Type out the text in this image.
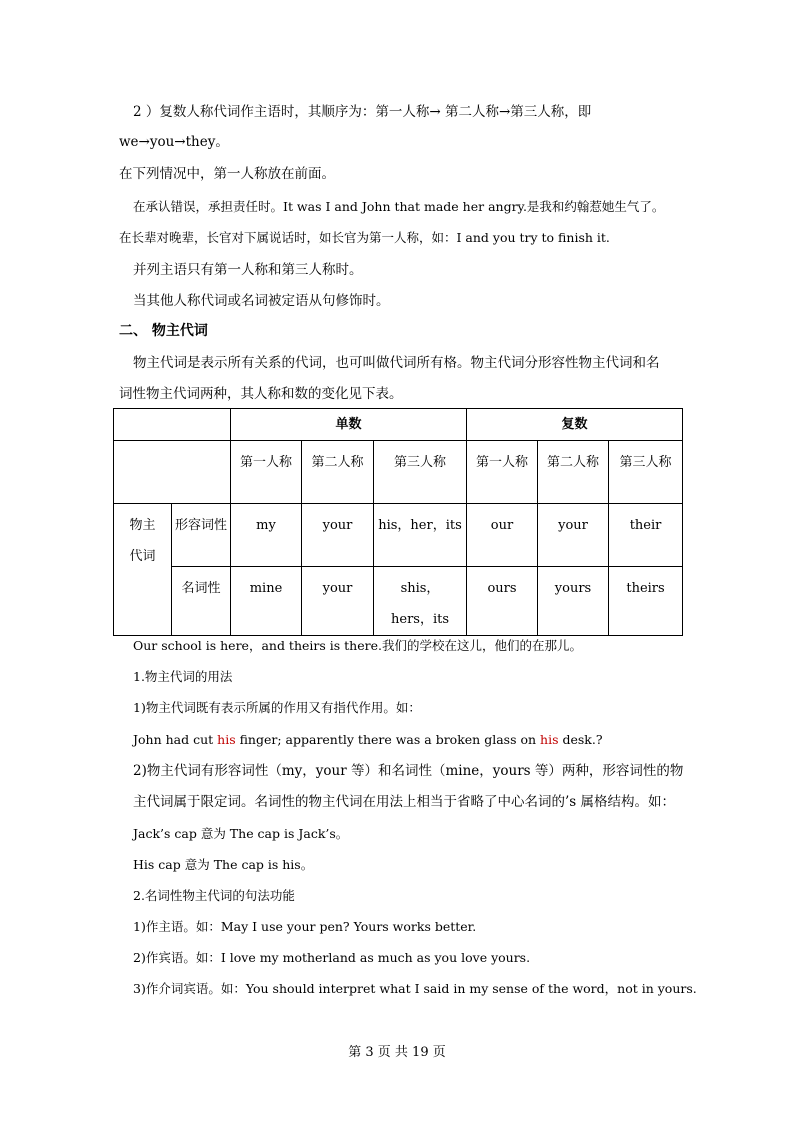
2 ）复数人称代词作主语时，其顺序为：第一人称→ 第二人称→第三人称，即
we→you→they。
在下列情况中，第一人称放在前面。
在承认错误，承担责任时。It was I and John that made her angry.是我和约翰惹她生气了。
在长辈对晚辈，长官对下属说话时，如长官为第一人称，如：I and you try to finish it.
并列主语只有第一人称和第三人称时。
当其他人称代词或名词被定语从句修饰时。
二、 物主代词
物主代词是表示所有关系的代词，也可叫做代词所有格。物主代词分形容性物主代词和名
词性物主代词两种，其人称和数的变化见下表。
		单数			复数		
		第一人称	第二人称	第三人称	第一人称	第二人称	第三人称
物主代词	形容词性	my	your	his，her，its	our	your	their
	名词性	mine	your	shis，hers，its	ours	yours	theirs
Our school is here，and theirs is there.我们的学校在这儿，他们的在那儿。
1.物主代词的用法
1)物主代词既有表示所属的作用又有指代作用。如：
John had cut his finger; apparently there was a broken glass on his desk.?
2)物主代词有形容词性（my，your 等）和名词性（mine，yours 等）两种，形容词性的物
主代词属于限定词。名词性的物主代词在用法上相当于省略了中心名词的’s 属格结构。如：
Jack’s cap 意为 The cap is Jack’s。
His cap 意为 The cap is his。
2.名词性物主代词的句法功能
1)作主语。如：May I use your pen? Yours works better.
2)作宾语。如：I love my motherland as much as you love yours.
3)作介词宾语。如：You should interpret what I said in my sense of the word，not in yours.
第 3 页 共 19 页
